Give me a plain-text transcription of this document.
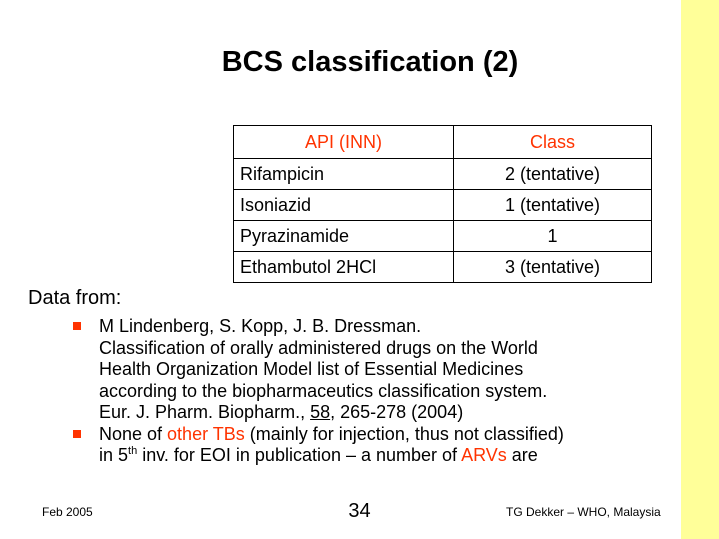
BCS classification (2)
API (INN)	Class
Rifampicin	2 (tentative)
Isoniazid	1 (tentative)
Pyrazinamide	1
Ethambutol 2HCl	3 (tentative)
Data from:
M Lindenberg, S. Kopp, J. B. Dressman.
Classification of orally administered drugs on the World
Health Organization Model list of Essential Medicines
according to the biopharmaceutics classification system.
Eur. J. Pharm. Biopharm., 58, 265-278 (2004)
None of other TBs (mainly for injection, thus not classified)
in 5th inv. for EOI in publication – a number of ARVs are
Feb 2005	34	TG Dekker – WHO, Malaysia
